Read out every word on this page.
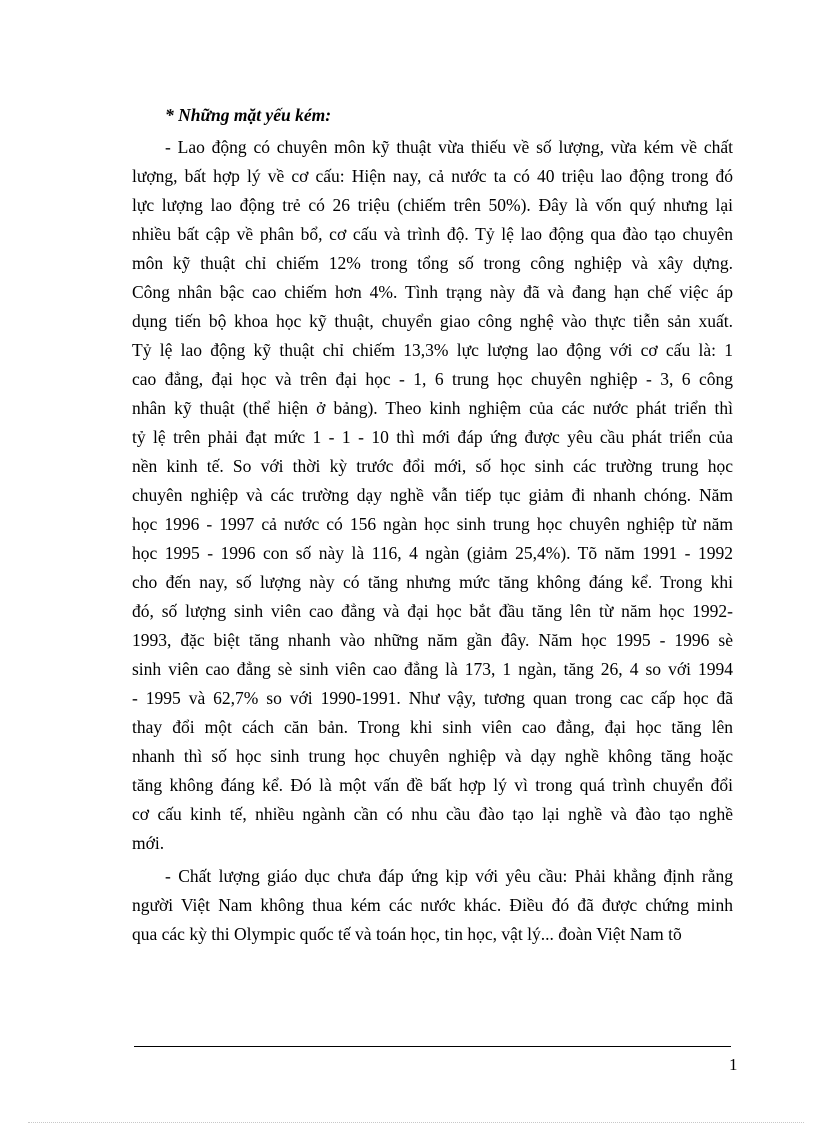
* Những mặt yếu kém:
- Lao động có chuyên môn kỹ thuật vừa thiếu về số lượng, vừa kém về chất
lượng, bất hợp lý về cơ cấu: Hiện nay, cả nước ta có 40 triệu lao động trong đó
lực lượng lao động trẻ có 26 triệu (chiếm trên 50%). Đây là vốn quý nhưng lại
nhiều bất cập về phân bổ, cơ cấu và trình độ. Tỷ lệ lao động qua đào tạo chuyên
môn kỹ thuật chỉ chiếm 12% trong tổng số trong công nghiệp và xây dựng.
Công nhân bậc cao chiếm hơn 4%. Tình trạng này đã và đang hạn chế việc áp
dụng tiến bộ khoa học kỹ thuật, chuyển giao công nghệ vào thực tiễn sản xuất.
Tỷ lệ lao động kỹ thuật chỉ chiếm 13,3% lực lượng lao động với cơ cấu là: 1
cao đẳng, đại học và trên đại học - 1, 6 trung học chuyên nghiệp - 3, 6 công
nhân kỹ thuật (thể hiện ở bảng). Theo kinh nghiệm của các nước phát triển thì
tỷ lệ trên phải đạt mức 1 - 1 - 10 thì mới đáp ứng được yêu cầu phát triển của
nền kinh tế. So với thời kỳ trước đổi mới, số học sinh các trường trung học
chuyên nghiệp và các trường dạy nghề vẫn tiếp tục giảm đi nhanh chóng. Năm
học 1996 - 1997 cả nước có 156 ngàn học sinh trung học chuyên nghiệp từ năm
học 1995 - 1996 con số này là 116, 4 ngàn (giảm 25,4%). Tõ năm 1991 - 1992
cho đến nay, số lượng này có tăng nhưng mức tăng không đáng kể. Trong khi
đó, số lượng sinh viên cao đẳng và đại học bắt đầu tăng lên từ năm học 1992-
1993, đặc biệt tăng nhanh vào những năm gần đây. Năm học 1995 - 1996 sè
sinh viên cao đẳng sè sinh viên cao đẳng là 173, 1 ngàn, tăng 26, 4 so với 1994
- 1995 và 62,7% so với 1990-1991. Như vậy, tương quan trong cac cấp học đã
thay đổi một cách căn bản. Trong khi sinh viên cao đẳng, đại học tăng lên
nhanh thì số học sinh trung học chuyên nghiệp và dạy nghề không tăng hoặc
tăng không đáng kể. Đó là một vấn đề bất hợp lý vì trong quá trình chuyển đổi
cơ cấu kinh tế, nhiều ngành cần có nhu cầu đào tạo lại nghề và đào tạo nghề
mới.
- Chất lượng giáo dục chưa đáp ứng kịp với yêu cầu: Phải khẳng định rằng
người Việt Nam không thua kém các nước khác. Điều đó đã được chứng minh
qua các kỳ thi Olympic quốc tế và toán học, tin học, vật lý... đoàn Việt Nam tõ
1
